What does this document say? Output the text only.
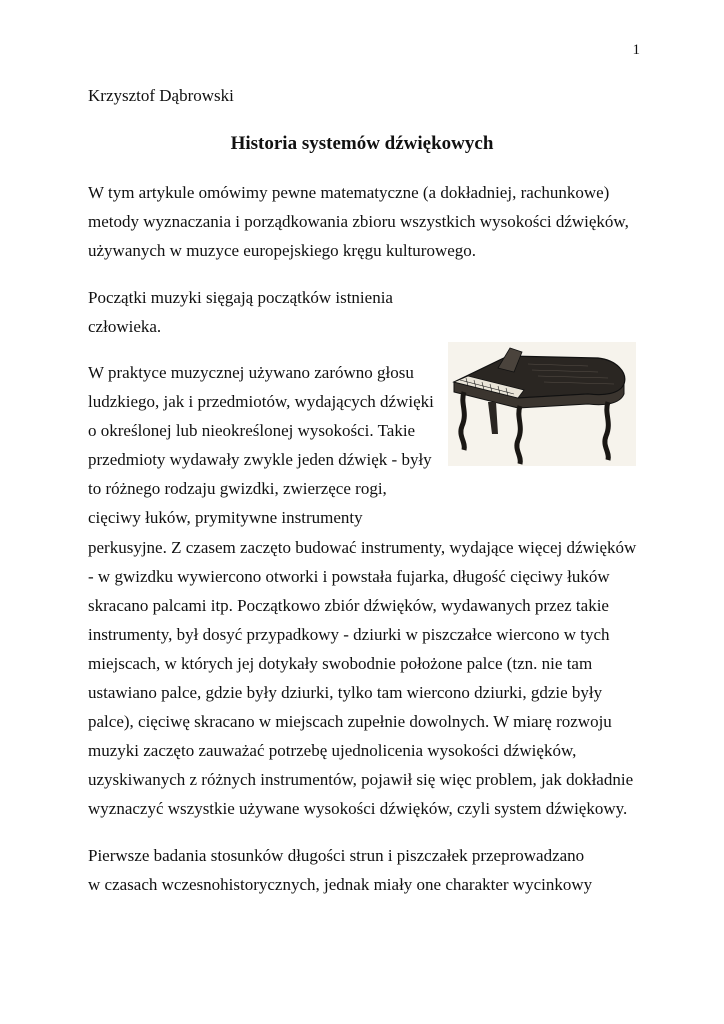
1
Krzysztof Dąbrowski
Historia systemów dźwiękowych
W tym artykule omówimy pewne matematyczne (a dokładniej, rachunkowe)
metody wyznaczania i porządkowania zbioru wszystkich wysokości dźwięków,
używanych w muzyce europejskiego kręgu kulturowego.
Początki muzyki sięgają początków istnienia
człowieka.
W praktyce muzycznej używano zarówno głosu
ludzkiego, jak i przedmiotów, wydających dźwięki
o określonej lub nieokreślonej wysokości. Takie
przedmioty wydawały zwykle jeden dźwięk - były
to różnego rodzaju gwizdki, zwierzęce rogi,
cięciwy łuków, prymitywne instrumenty
perkusyjne. Z czasem zaczęto budować instrumenty, wydające więcej dźwięków
- w gwizdku wywiercono otworki i powstała fujarka, długość cięciwy łuków
skracano palcami itp. Początkowo zbiór dźwięków, wydawanych przez takie
instrumenty, był dosyć przypadkowy - dziurki w piszczałce wiercono w tych
miejscach, w których jej dotykały swobodnie położone palce (tzn. nie tam
ustawiano palce, gdzie były dziurki, tylko tam wiercono dziurki, gdzie były
palce), cięciwę skracano w miejscach zupełnie dowolnych. W miarę rozwoju
muzyki zaczęto zauważać potrzebę ujednolicenia wysokości dźwięków,
uzyskiwanych z różnych instrumentów, pojawił się więc problem, jak dokładnie
wyznaczyć wszystkie używane wysokości dźwięków, czyli system dźwiękowy.
Pierwsze badania stosunków długości strun i piszczałek przeprowadzano
w czasach wczesnohistorycznych, jednak miały one charakter wycinkowy
